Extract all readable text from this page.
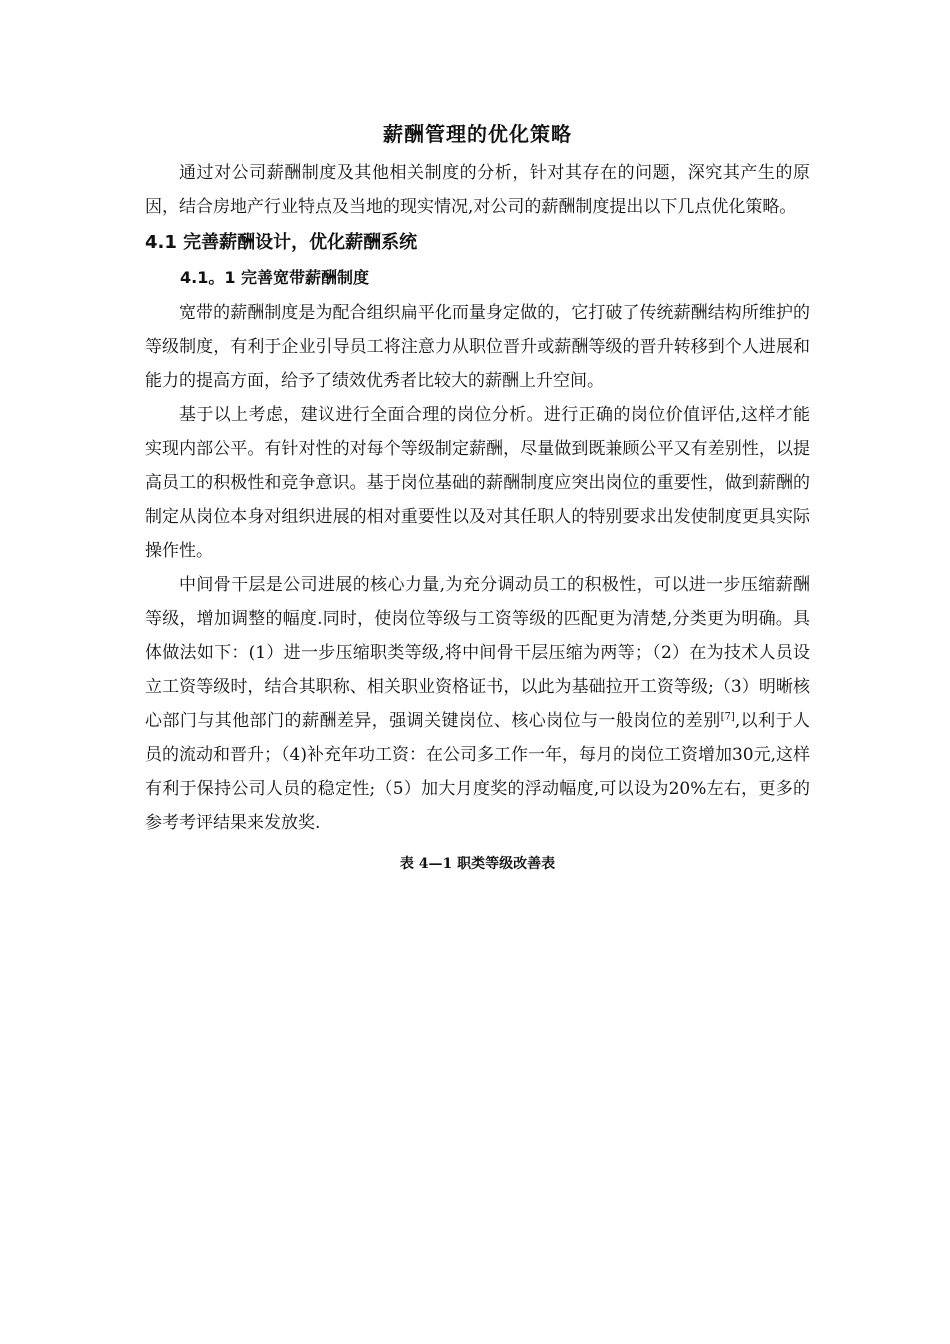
薪酬管理的优化策略

通过对公司薪酬制度及其他相关制度的分析，针对其存在的问题，深究其产生的原因，结合房地产行业特点及当地的现实情况,对公司的薪酬制度提出以下几点优化策略。

4.1 完善薪酬设计，优化薪酬系统
4.1。1 完善宽带薪酬制度

宽带的薪酬制度是为配合组织扁平化而量身定做的，它打破了传统薪酬结构所维护的等级制度，有利于企业引导员工将注意力从职位晋升或薪酬等级的晋升转移到个人进展和能力的提高方面，给予了绩效优秀者比较大的薪酬上升空间。

基于以上考虑，建议进行全面合理的岗位分析。进行正确的岗位价值评估,这样才能实现内部公平。有针对性的对每个等级制定薪酬，尽量做到既兼顾公平又有差别性，以提高员工的积极性和竞争意识。基于岗位基础的薪酬制度应突出岗位的重要性，做到薪酬的制定从岗位本身对组织进展的相对重要性以及对其任职人的特别要求出发使制度更具实际操作性。

中间骨干层是公司进展的核心力量,为充分调动员工的积极性，可以进一步压缩薪酬等级，增加调整的幅度.同时，使岗位等级与工资等级的匹配更为清楚,分类更为明确。具体做法如下：(1）进一步压缩职类等级,将中间骨干层压缩为两等；（2）在为技术人员设立工资等级时，结合其职称、相关职业资格证书，以此为基础拉开工资等级;（3）明晰核心部门与其他部门的薪酬差异，强调关键岗位、核心岗位与一般岗位的差别[7],以利于人员的流动和晋升；（4)补充年功工资：在公司多工作一年，每月的岗位工资增加30元,这样有利于保持公司人员的稳定性;（5）加大月度奖的浮动幅度,可以设为20%左右，更多的参考考评结果来发放奖.

表 4—1 职类等级改善表
